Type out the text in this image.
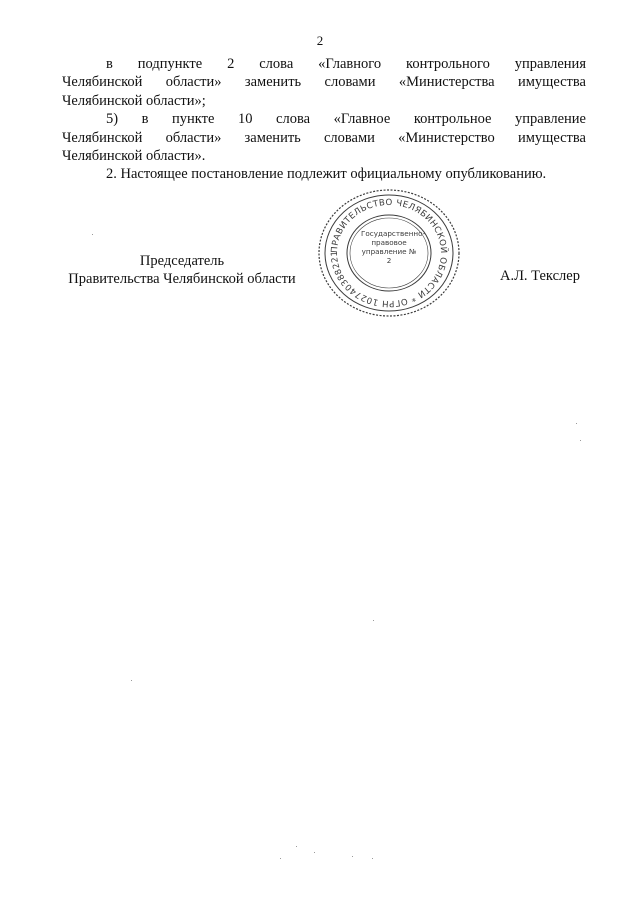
2
в подпункте 2 слова «Главного контрольного управления
Челябинской области» заменить словами «Министерства имущества
Челябинской области»;
5) в пункте 10 слова «Главное контрольное управление
Челябинской области» заменить словами «Министерство имущества
Челябинской области».
2. Настоящее постановление подлежит официальному опубликованию.
Председатель
Правительства Челябинской области	А.Л. Текслер
ПРАВИТЕЛЬСТВО ЧЕЛЯБИНСКОЙ ОБЛАСТИ * ОГРН 102740388221
Государственно-правовое управление № 2
